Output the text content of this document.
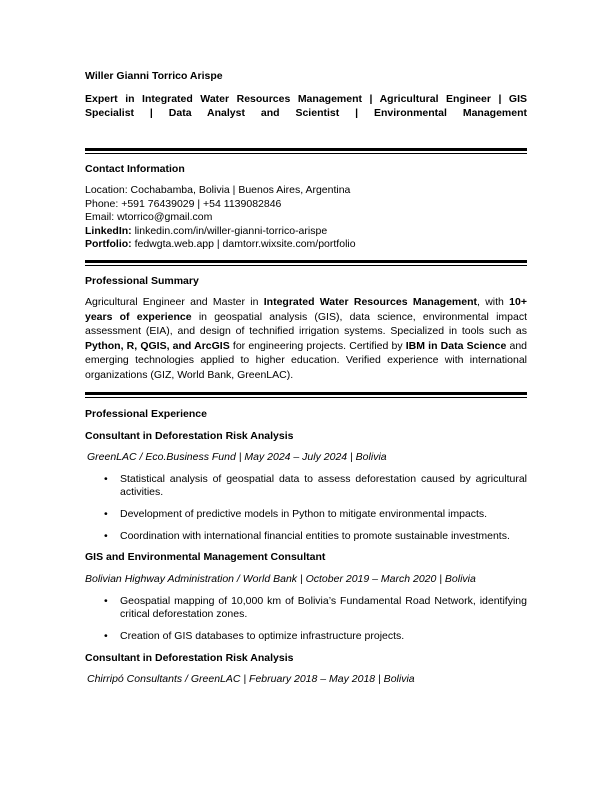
Willer Gianni Torrico Arispe
Expert in Integrated Water Resources Management | Agricultural Engineer | GIS
Specialist | Data Analyst and Scientist | Environmental Management
Contact Information
Location: Cochabamba, Bolivia | Buenos Aires, Argentina
Phone: +591 76439029 | +54 1139082846
Email: wtorrico@gmail.com
LinkedIn: linkedin.com/in/willer-gianni-torrico-arispe
Portfolio: fedwgta.web.app | damtorr.wixsite.com/portfolio
Professional Summary
Agricultural Engineer and Master in Integrated Water Resources Management, with 10+ years of experience in geospatial analysis (GIS), data science, environmental impact assessment (EIA), and design of technified irrigation systems. Specialized in tools such as Python, R, QGIS, and ArcGIS for engineering projects. Certified by IBM in Data Science and emerging technologies applied to higher education. Verified experience with international organizations (GIZ, World Bank, GreenLAC).
Professional Experience
Consultant in Deforestation Risk Analysis
GreenLAC / Eco.Business Fund | May 2024 – July 2024 | Bolivia
• Statistical analysis of geospatial data to assess deforestation caused by agricultural activities.
• Development of predictive models in Python to mitigate environmental impacts.
• Coordination with international financial entities to promote sustainable investments.
GIS and Environmental Management Consultant
Bolivian Highway Administration / World Bank | October 2019 – March 2020 | Bolivia
• Geospatial mapping of 10,000 km of Bolivia’s Fundamental Road Network, identifying critical deforestation zones.
• Creation of GIS databases to optimize infrastructure projects.
Consultant in Deforestation Risk Analysis
Chirripó Consultants / GreenLAC | February 2018 – May 2018 | Bolivia
